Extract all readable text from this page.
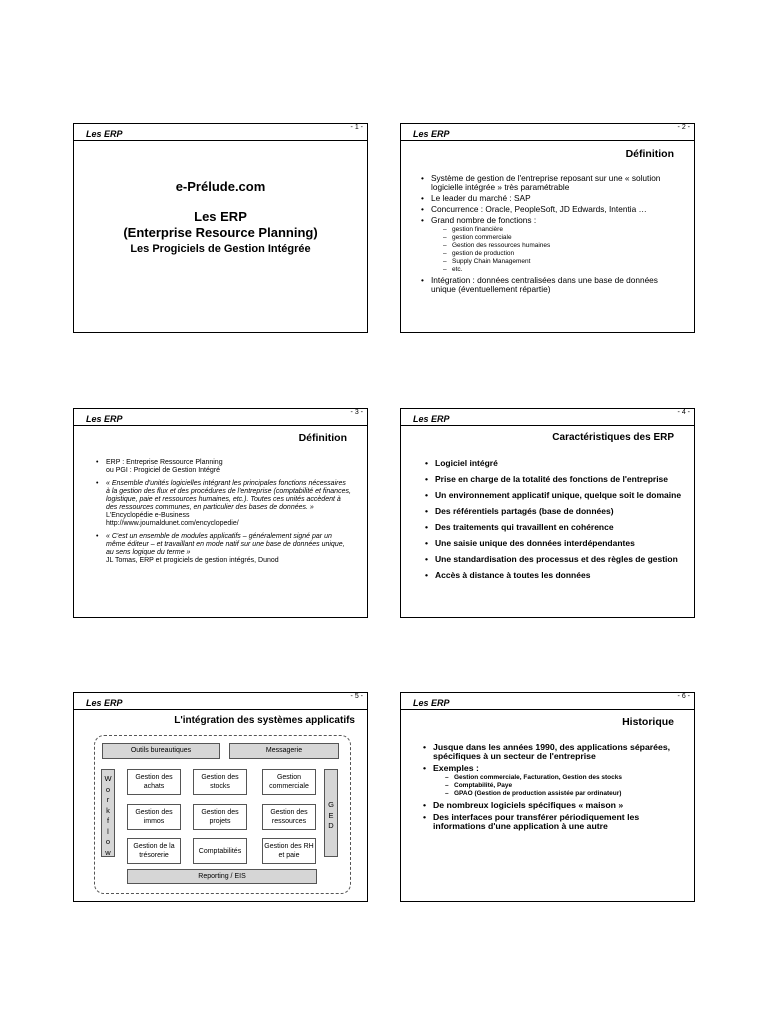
Les ERP
- 1 -
e-Prélude.com
Les ERP
(Enterprise Resource Planning)
Les Progiciels de Gestion Intégrée
Les ERP
- 2 -
Définition
• Système de gestion de l'entreprise reposant sur une « solution logicielle intégrée » très paramétrable
• Le leader du marché : SAP
• Concurrence : Oracle, PeopleSoft, JD Edwards, Intentia …
• Grand nombre de fonctions :
– gestion financière
– gestion commerciale
– Gestion des ressources humaines
– gestion de production
– Supply Chain Management
– etc.
• Intégration : données centralisées dans une base de données unique (éventuellement répartie)
Les ERP
- 3 -
Définition
• ERP : Entreprise Ressource Planning
ou PGI : Progiciel de Gestion Intégré
• « Ensemble d'unités logicielles intégrant les principales fonctions nécessaires à la gestion des flux et des procédures de l'entreprise (comptabilité et finances, logistique, paie et ressources humaines, etc.). Toutes ces unités accèdent à des ressources communes, en particulier des bases de données. »
L'Encyclopédie e-Business
http://www.journaldunet.com/encyclopedie/
• « C'est un ensemble de modules applicatifs – généralement signé par un même éditeur – et travaillant en mode natif sur une base de données unique, au sens logique du terme »
JL Tomas, ERP et progiciels de gestion intégrés, Dunod
Les ERP
- 4 -
Caractéristiques des ERP
• Logiciel intégré
• Prise en charge de la totalité des fonctions de l'entreprise
• Un environnement applicatif unique, quelque soit le domaine
• Des référentiels partagés (base de données)
• Des traitements qui travaillent en cohérence
• Une saisie unique des données interdépendantes
• Une standardisation des processus et des règles de gestion
• Accès à distance à toutes les données
Les ERP
- 5 -
L'intégration des systèmes applicatifs
Outils bureautiques	Messagerie
W
o
r
k
f
l
o
w
G
E
D
Gestion des achats
Gestion des stocks
Gestion commerciale
Gestion des immos
Gestion des projets
Gestion des ressources
Gestion de la trésorerie
Comptabilités
Gestion des RH et paie
Reporting / EIS
Les ERP
- 6 -
Historique
• Jusque dans les années 1990, des applications séparées, spécifiques à un secteur de l'entreprise
• Exemples :
– Gestion commerciale, Facturation, Gestion des stocks
– Comptabilité, Paye
– GPAO (Gestion de production assistée par ordinateur)
• De nombreux logiciels spécifiques « maison »
• Des interfaces pour transférer périodiquement les informations d'une application à une autre
